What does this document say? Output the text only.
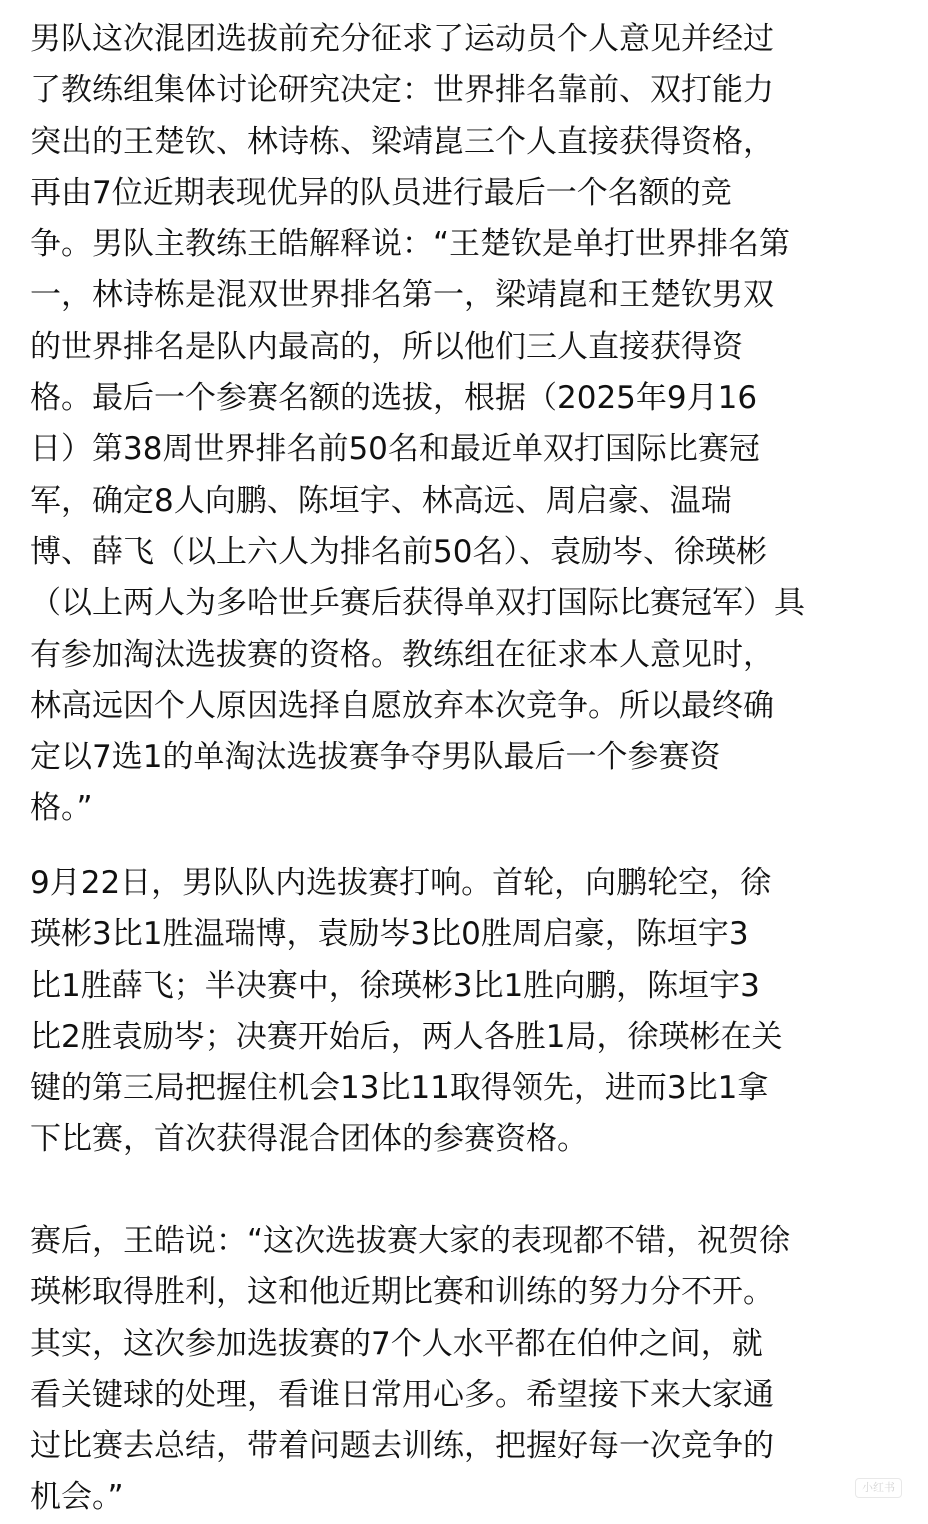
男队这次混团选拔前充分征求了运动员个人意见并经过
了教练组集体讨论研究决定：世界排名靠前、双打能力
突出的王楚钦、林诗栋、梁靖崑三个人直接获得资格，
再由7位近期表现优异的队员进行最后一个名额的竞
争。男队主教练王皓解释说：“王楚钦是单打世界排名第
一，林诗栋是混双世界排名第一，梁靖崑和王楚钦男双
的世界排名是队内最高的，所以他们三人直接获得资
格。最后一个参赛名额的选拔，根据（2025年9月16
日）第38周世界排名前50名和最近单双打国际比赛冠
军，确定8人向鹏、陈垣宇、林高远、周启豪、温瑞
博、薛飞（以上六人为排名前50名）、袁励岑、徐瑛彬
（以上两人为多哈世乒赛后获得单双打国际比赛冠军）具
有参加淘汰选拔赛的资格。教练组在征求本人意见时，
林高远因个人原因选择自愿放弃本次竞争。所以最终确
定以7选1的单淘汰选拔赛争夺男队最后一个参赛资
格。”
9月22日，男队队内选拔赛打响。首轮，向鹏轮空，徐
瑛彬3比1胜温瑞博，袁励岑3比0胜周启豪，陈垣宇3
比1胜薛飞；半决赛中，徐瑛彬3比1胜向鹏，陈垣宇3
比2胜袁励岑；决赛开始后，两人各胜1局，徐瑛彬在关
键的第三局把握住机会13比11取得领先，进而3比1拿
下比赛，首次获得混合团体的参赛资格。
赛后，王皓说：“这次选拔赛大家的表现都不错，祝贺徐
瑛彬取得胜利，这和他近期比赛和训练的努力分不开。
其实，这次参加选拔赛的7个人水平都在伯仲之间，就
看关键球的处理，看谁日常用心多。希望接下来大家通
过比赛去总结，带着问题去训练，把握好每一次竞争的
机会。”	小红书
